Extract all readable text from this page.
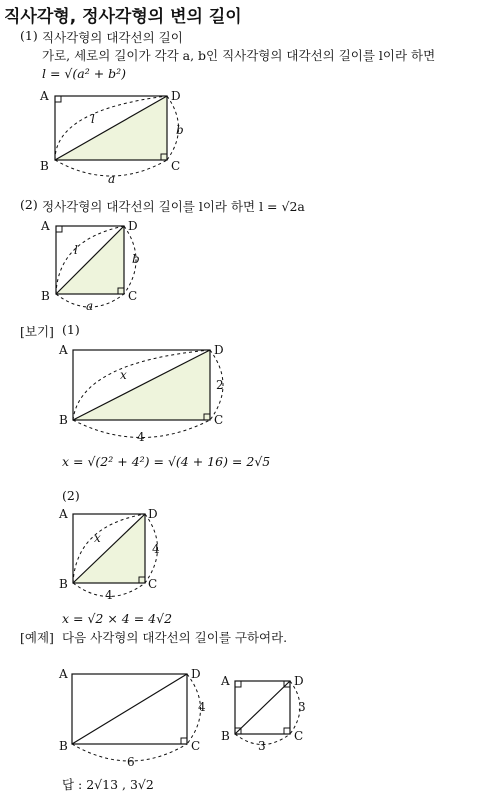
직사각형, 정사각형의 변의 길이
(1) 직사각형의 대각선의 길이
가로, 세로의 길이가 각각 a, b인 직사각형의 대각선의 길이를 l이라 하면
l = √(a² + b²)
A
B	C
D
l
b
a
A
B	C
D
l
b
a
A
B	C
D
x
2
4
A
B	C
D
x
4
4
A
B	C
D
4
6
A
B	C
D
3
3
(2) 정사각형의 대각선의 길이를 l이라 하면 l = √2a
[보기] (1)
x = √(2² + 4²) = √(4 + 16) = 2√5
(2)
x = √2 × 4 = 4√2
[예제] 다음 사각형의 대각선의 길이를 구하여라.
답 : 2√13 , 3√2
